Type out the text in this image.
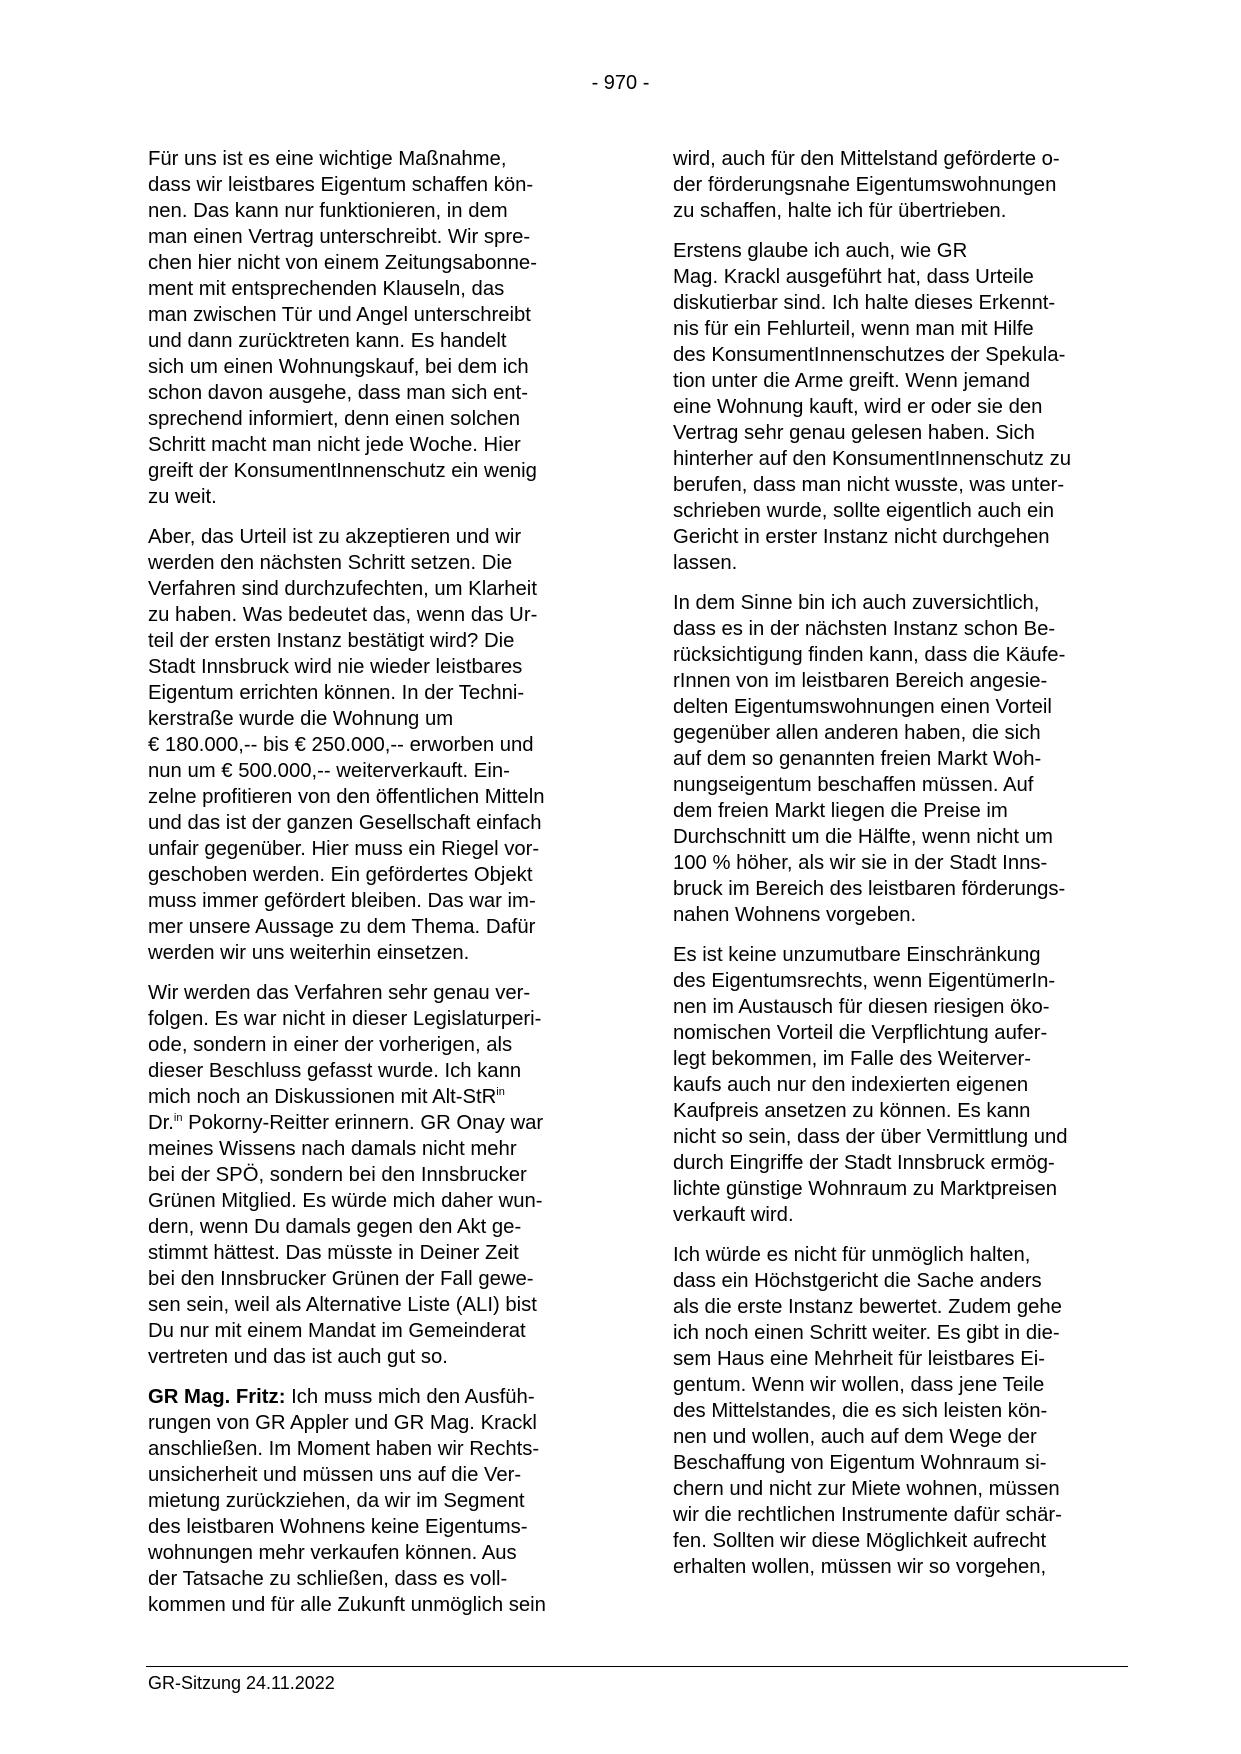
- 970 -

Für uns ist es eine wichtige Maßnahme,
dass wir leistbares Eigentum schaffen kön-
nen. Das kann nur funktionieren, in dem
man einen Vertrag unterschreibt. Wir spre-
chen hier nicht von einem Zeitungsabonne-
ment mit entsprechenden Klauseln, das
man zwischen Tür und Angel unterschreibt
und dann zurücktreten kann. Es handelt
sich um einen Wohnungskauf, bei dem ich
schon davon ausgehe, dass man sich ent-
sprechend informiert, denn einen solchen
Schritt macht man nicht jede Woche. Hier
greift der KonsumentInnenschutz ein wenig
zu weit.

Aber, das Urteil ist zu akzeptieren und wir
werden den nächsten Schritt setzen. Die
Verfahren sind durchzufechten, um Klarheit
zu haben. Was bedeutet das, wenn das Ur-
teil der ersten Instanz bestätigt wird? Die
Stadt Innsbruck wird nie wieder leistbares
Eigentum errichten können. In der Techni-
kerstraße wurde die Wohnung um
€ 180.000,-- bis € 250.000,-- erworben und
nun um € 500.000,-- weiterverkauft. Ein-
zelne profitieren von den öffentlichen Mitteln
und das ist der ganzen Gesellschaft einfach
unfair gegenüber. Hier muss ein Riegel vor-
geschoben werden. Ein gefördertes Objekt
muss immer gefördert bleiben. Das war im-
mer unsere Aussage zu dem Thema. Dafür
werden wir uns weiterhin einsetzen.

Wir werden das Verfahren sehr genau ver-
folgen. Es war nicht in dieser Legislaturperi-
ode, sondern in einer der vorherigen, als
dieser Beschluss gefasst wurde. Ich kann
mich noch an Diskussionen mit Alt-StR$^{in}$
Dr.$^{in}$ Pokorny-Reitter erinnern. GR Onay war
meines Wissens nach damals nicht mehr
bei der SPÖ, sondern bei den Innsbrucker
Grünen Mitglied. Es würde mich daher wun-
dern, wenn Du damals gegen den Akt ge-
stimmt hättest. Das müsste in Deiner Zeit
bei den Innsbrucker Grünen der Fall gewe-
sen sein, weil als Alternative Liste (ALI) bist
Du nur mit einem Mandat im Gemeinderat
vertreten und das ist auch gut so.

GR Mag. Fritz: Ich muss mich den Ausfüh-
rungen von GR Appler und GR Mag. Krackl
anschließen. Im Moment haben wir Rechts-
unsicherheit und müssen uns auf die Ver-
mietung zurückziehen, da wir im Segment
des leistbaren Wohnens keine Eigentums-
wohnungen mehr verkaufen können. Aus
der Tatsache zu schließen, dass es voll-
kommen und für alle Zukunft unmöglich sein

wird, auch für den Mittelstand geförderte o-
der förderungsnahe Eigentumswohnungen
zu schaffen, halte ich für übertrieben.

Erstens glaube ich auch, wie GR
Mag. Krackl ausgeführt hat, dass Urteile
diskutierbar sind. Ich halte dieses Erkennt-
nis für ein Fehlurteil, wenn man mit Hilfe
des KonsumentInnenschutzes der Spekula-
tion unter die Arme greift. Wenn jemand
eine Wohnung kauft, wird er oder sie den
Vertrag sehr genau gelesen haben. Sich
hinterher auf den KonsumentInnenschutz zu
berufen, dass man nicht wusste, was unter-
schrieben wurde, sollte eigentlich auch ein
Gericht in erster Instanz nicht durchgehen
lassen.

In dem Sinne bin ich auch zuversichtlich,
dass es in der nächsten Instanz schon Be-
rücksichtigung finden kann, dass die Käufe-
rInnen von im leistbaren Bereich angesie-
delten Eigentumswohnungen einen Vorteil
gegenüber allen anderen haben, die sich
auf dem so genannten freien Markt Woh-
nungseigentum beschaffen müssen. Auf
dem freien Markt liegen die Preise im
Durchschnitt um die Hälfte, wenn nicht um
100 % höher, als wir sie in der Stadt Inns-
bruck im Bereich des leistbaren förderungs-
nahen Wohnens vorgeben.

Es ist keine unzumutbare Einschränkung
des Eigentumsrechts, wenn EigentümerIn-
nen im Austausch für diesen riesigen öko-
nomischen Vorteil die Verpflichtung aufer-
legt bekommen, im Falle des Weiterver-
kaufs auch nur den indexierten eigenen
Kaufpreis ansetzen zu können. Es kann
nicht so sein, dass der über Vermittlung und
durch Eingriffe der Stadt Innsbruck ermög-
lichte günstige Wohnraum zu Marktpreisen
verkauft wird.

Ich würde es nicht für unmöglich halten,
dass ein Höchstgericht die Sache anders
als die erste Instanz bewertet. Zudem gehe
ich noch einen Schritt weiter. Es gibt in die-
sem Haus eine Mehrheit für leistbares Ei-
gentum. Wenn wir wollen, dass jene Teile
des Mittelstandes, die es sich leisten kön-
nen und wollen, auch auf dem Wege der
Beschaffung von Eigentum Wohnraum si-
chern und nicht zur Miete wohnen, müssen
wir die rechtlichen Instrumente dafür schär-
fen. Sollten wir diese Möglichkeit aufrecht
erhalten wollen, müssen wir so vorgehen,

GR-Sitzung 24.11.2022
